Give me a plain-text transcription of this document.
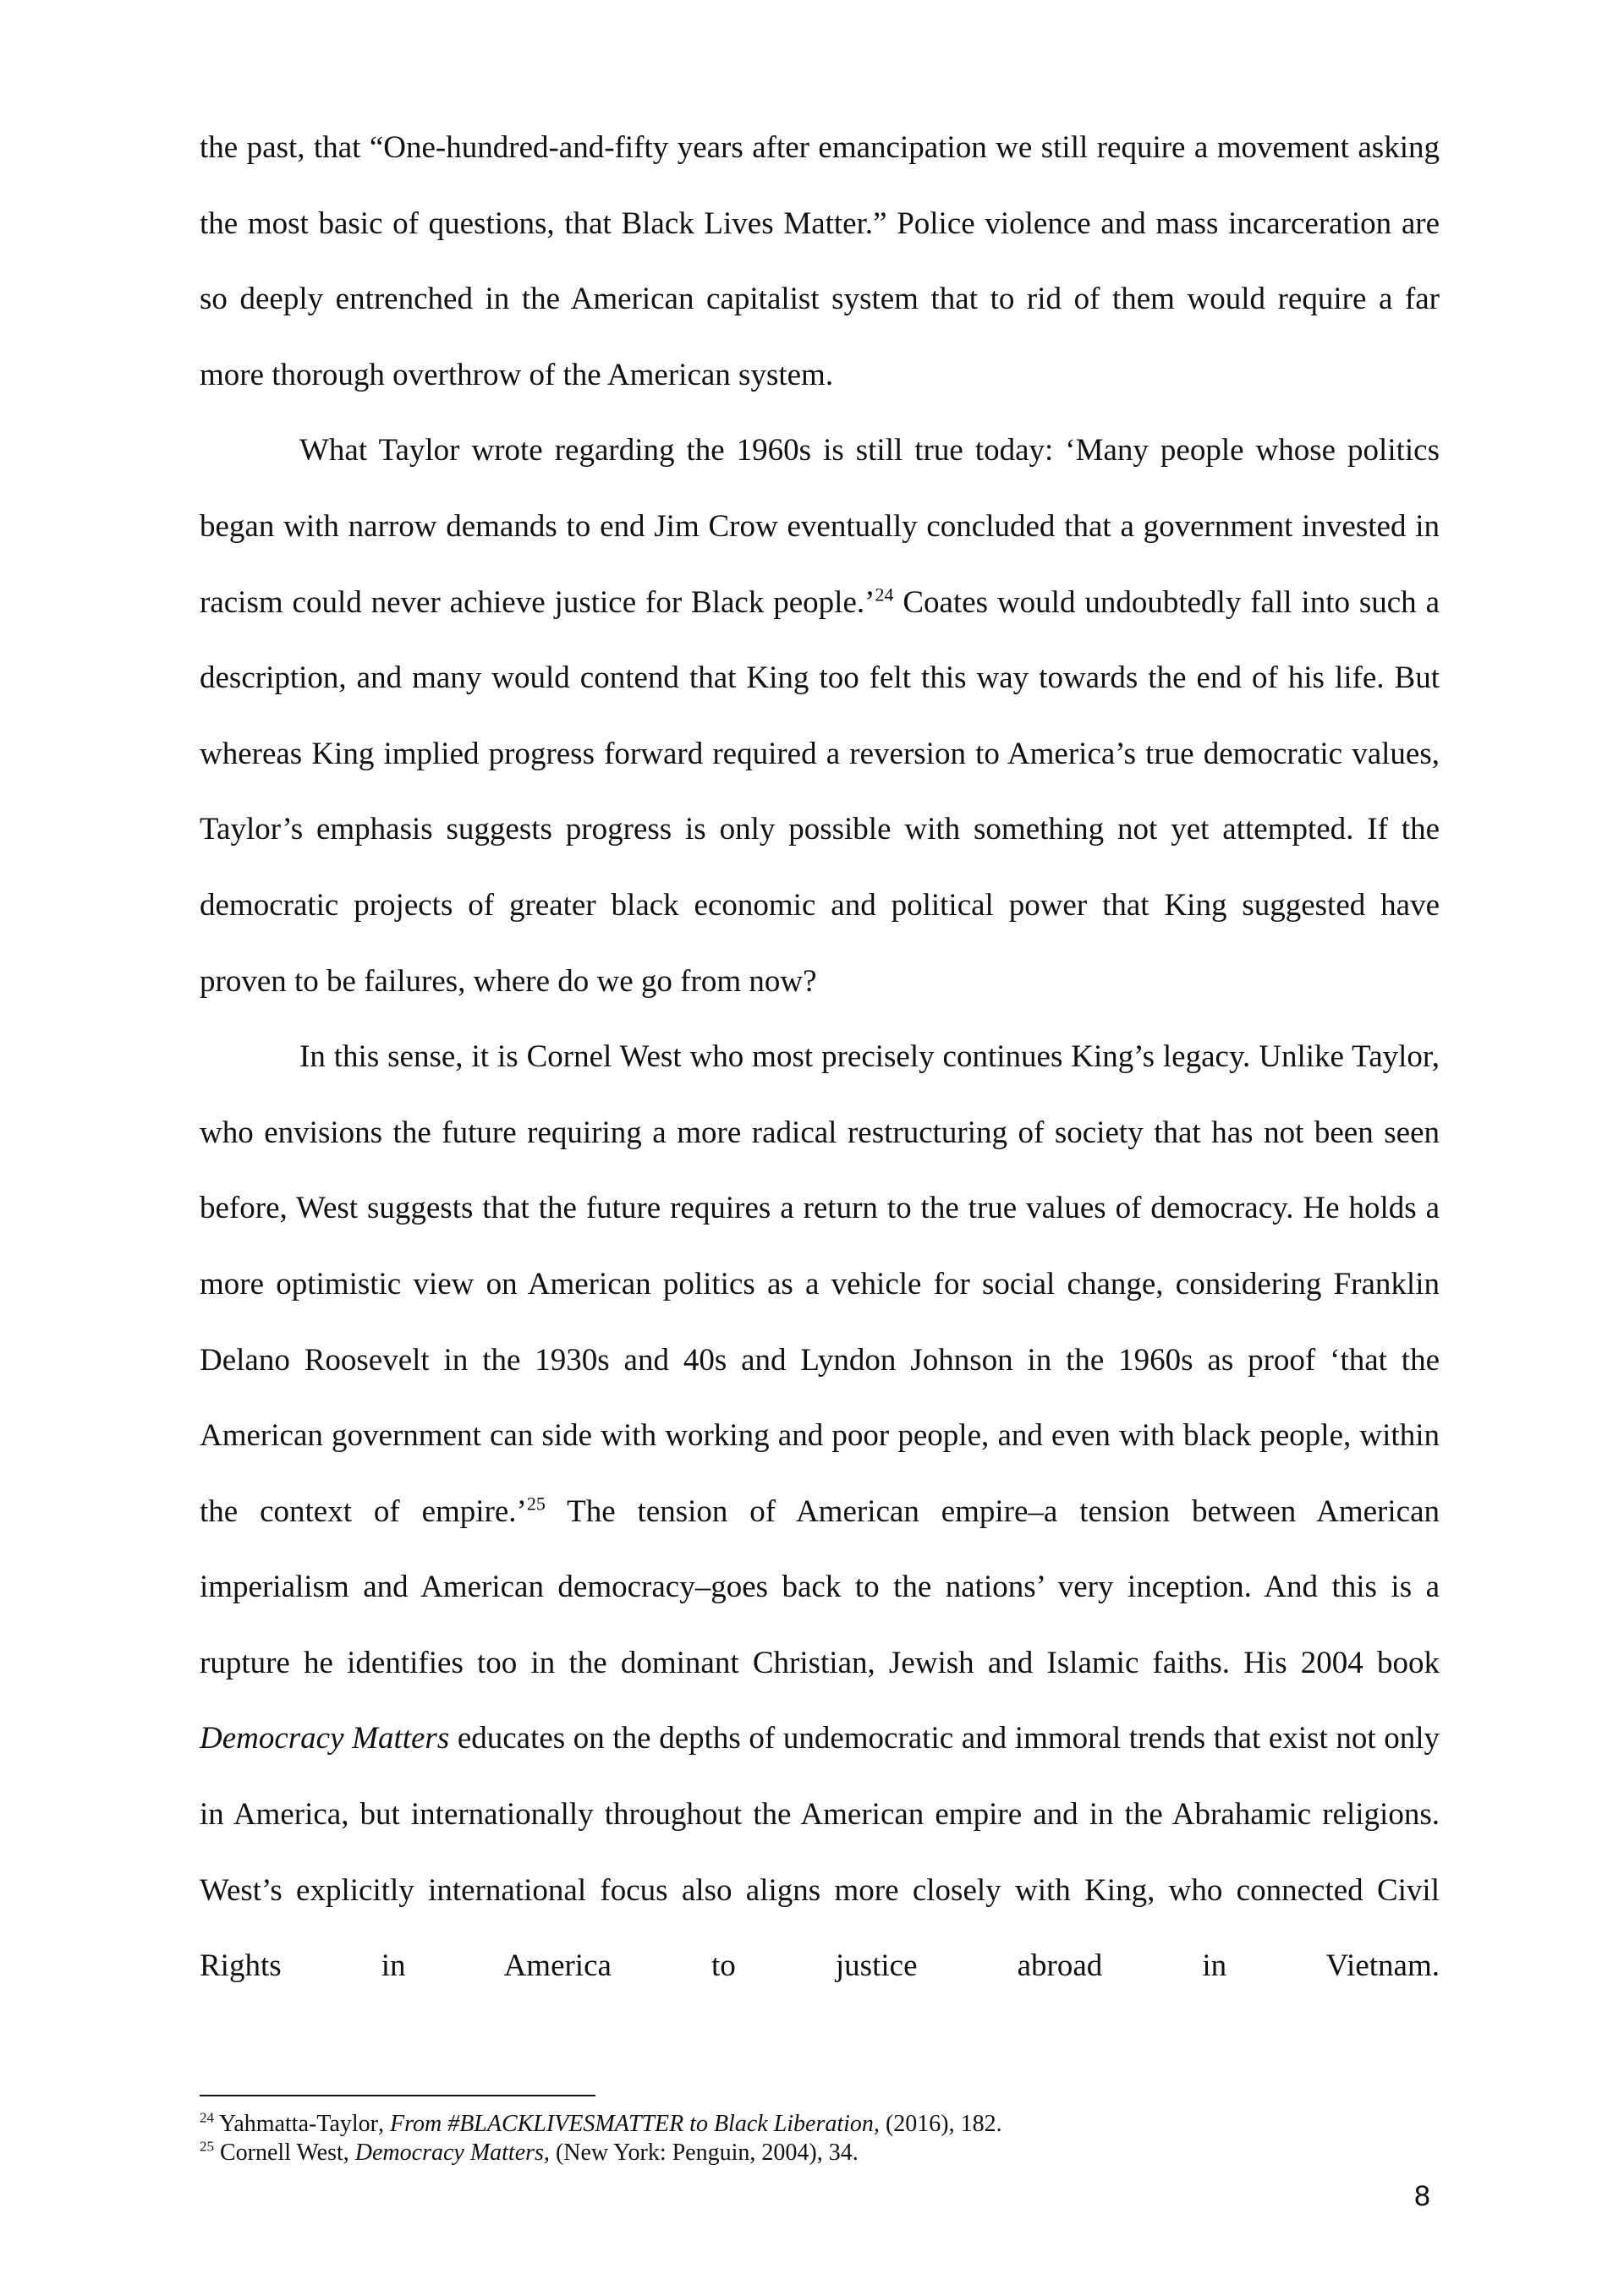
the past, that “One-hundred-and-fifty years after emancipation we still require a movement asking the most basic of questions, that Black Lives Matter.” Police violence and mass incarceration are so deeply entrenched in the American capitalist system that to rid of them would require a far more thorough overthrow of the American system.

What Taylor wrote regarding the 1960s is still true today: ‘Many people whose politics began with narrow demands to end Jim Crow eventually concluded that a government invested in racism could never achieve justice for Black people.’$^{24}$ Coates would undoubtedly fall into such a description, and many would contend that King too felt this way towards the end of his life. But whereas King implied progress forward required a reversion to America’s true democratic values, Taylor’s emphasis suggests progress is only possible with something not yet attempted. If the democratic projects of greater black economic and political power that King suggested have proven to be failures, where do we go from now?

In this sense, it is Cornel West who most precisely continues King’s legacy. Unlike Taylor, who envisions the future requiring a more radical restructuring of society that has not been seen before, West suggests that the future requires a return to the true values of democracy. He holds a more optimistic view on American politics as a vehicle for social change, considering Franklin Delano Roosevelt in the 1930s and 40s and Lyndon Johnson in the 1960s as proof ‘that the American government can side with working and poor people, and even with black people, within the context of empire.’$^{25}$ The tension of American empire–a tension between American imperialism and American democracy–goes back to the nations’ very inception. And this is a rupture he identifies too in the dominant Christian, Jewish and Islamic faiths. His 2004 book Democracy Matters educates on the depths of undemocratic and immoral trends that exist not only in America, but internationally throughout the American empire and in the Abrahamic religions. West’s explicitly international focus also aligns more closely with King, who connected Civil Rights in America to justice abroad in Vietnam.

$^{24}$ Yahmatta-Taylor, From #BLACKLIVESMATTER to Black Liberation, (2016), 182.

$^{25}$ Cornell West, Democracy Matters, (New York: Penguin, 2004), 34.

8
